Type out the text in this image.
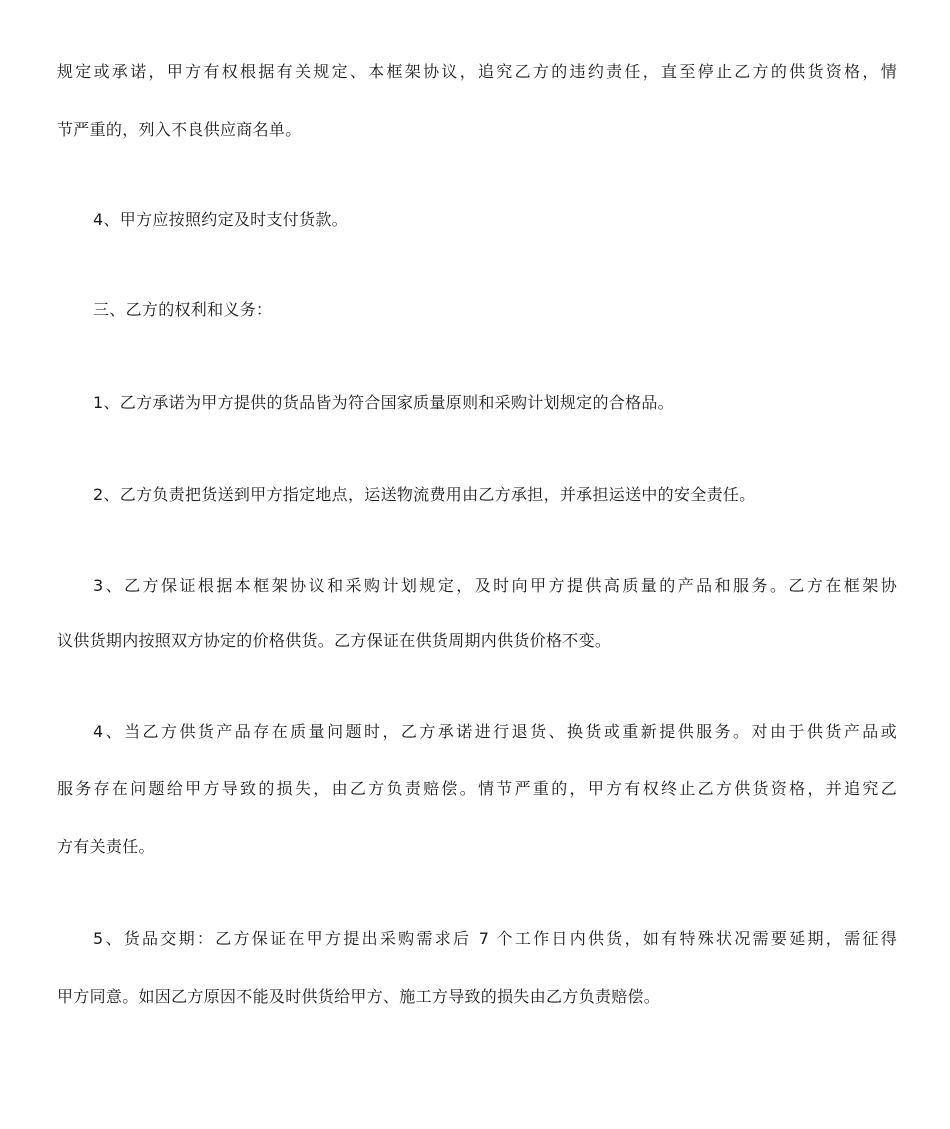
规定或承诺，甲方有权根据有关规定、本框架协议，追究乙方的违约责任，直至停止乙方的供货资格，情
节严重的，列入不良供应商名单。
4、甲方应按照约定及时支付货款。
三、乙方的权利和义务：
1、乙方承诺为甲方提供的货品皆为符合国家质量原则和采购计划规定的合格品。
2、乙方负责把货送到甲方指定地点，运送物流费用由乙方承担，并承担运送中的安全责任。
3、乙方保证根据本框架协议和采购计划规定，及时向甲方提供高质量的产品和服务。乙方在框架协
议供货期内按照双方协定的价格供货。乙方保证在供货周期内供货价格不变。
4、当乙方供货产品存在质量问题时，乙方承诺进行退货、换货或重新提供服务。对由于供货产品或
服务存在问题给甲方导致的损失，由乙方负责赔偿。情节严重的，甲方有权终止乙方供货资格，并追究乙
方有关责任。
5、货品交期：乙方保证在甲方提出采购需求后 7 个工作日内供货，如有特殊状况需要延期，需征得
甲方同意。如因乙方原因不能及时供货给甲方、施工方导致的损失由乙方负责赔偿。
